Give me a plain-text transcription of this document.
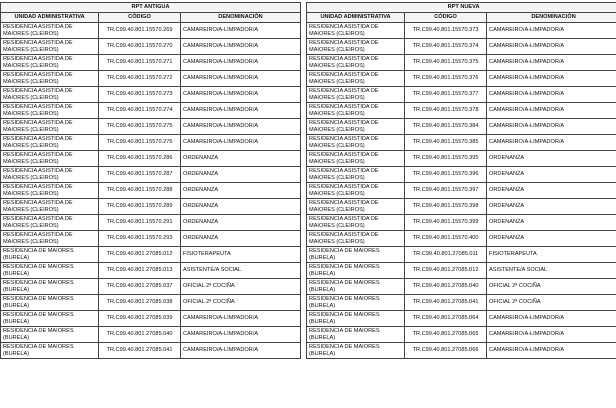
RPT ANTIGUA				RPT NUEVA		
UNIDAD ADMINISTRATIVA	CÓDIGO	DENOMINACIÓN		UNIDAD ADMINISTRATIVA	CÓDIGO	DENOMINACIÓN
RESIDENCIA ASISTIDA DE MAIORES (CLEIROS)	TR.C99.40.801.15570.269	CAMAREIRO/A-LIMPADOR/A		RESIDENCIA ASISTIDA DE MAIORES (CLEIROS)	TR.C99.40.801.15570.373	CAMAREIRO/A-LIMPADOR/A
RESIDENCIA ASISTIDA DE MAIORES (CLEIROS)	TR.C99.40.801.15570.270	CAMAREIRO/A-LIMPADOR/A		RESIDENCIA ASISTIDA DE MAIORES (CLEIROS)	TR.C99.40.801.15570.374	CAMAREIRO/A-LIMPADOR/A
RESIDENCIA ASISTIDA DE MAIORES (CLEIROS)	TR.C99.40.801.15570.271	CAMAREIRO/A-LIMPADOR/A		RESIDENCIA ASISTIDA DE MAIORES (CLEIROS)	TR.C99.40.801.15570.375	CAMAREIRO/A-LIMPADOR/A
RESIDENCIA ASISTIDA DE MAIORES (CLEIROS)	TR.C99.40.801.15570.272	CAMAREIRO/A-LIMPADOR/A		RESIDENCIA ASISTIDA DE MAIORES (CLEIROS)	TR.C99.40.801.15570.376	CAMAREIRO/A-LIMPADOR/A
RESIDENCIA ASISTIDA DE MAIORES (CLEIROS)	TR.C99.40.801.15570.273	CAMAREIRO/A-LIMPADOR/A		RESIDENCIA ASISTIDA DE MAIORES (CLEIROS)	TR.C99.40.801.15570.377	CAMAREIRO/A-LIMPADOR/A
RESIDENCIA ASISTIDA DE MAIORES (CLEIROS)	TR.C99.40.801.15570.274	CAMAREIRO/A-LIMPADOR/A		RESIDENCIA ASISTIDA DE MAIORES (CLEIROS)	TR.C99.40.801.15570.378	CAMAREIRO/A-LIMPADOR/A
RESIDENCIA ASISTIDA DE MAIORES (CLEIROS)	TR.C99.40.801.15570.275	CAMAREIRO/A-LIMPADOR/A		RESIDENCIA ASISTIDA DE MAIORES (CLEIROS)	TR.C99.40.801.15570.384	CAMAREIRO/A-LIMPADOR/A
RESIDENCIA ASISTIDA DE MAIORES (CLEIROS)	TR.C99.40.801.15570.276	CAMAREIRO/A-LIMPADOR/A		RESIDENCIA ASISTIDA DE MAIORES (CLEIROS)	TR.C99.40.801.15570.385	CAMAREIRO/A-LIMPADOR/A
RESIDENCIA ASISTIDA DE MAIORES (CLEIROS)	TR.C99.40.801.15570.286	ORDENANZA		RESIDENCIA ASISTIDA DE MAIORES (CLEIROS)	TR.C99.40.801.15570.395	ORDENANZA
RESIDENCIA ASISTIDA DE MAIORES (CLEIROS)	TR.C99.40.801.15570.287	ORDENANZA		RESIDENCIA ASISTIDA DE MAIORES (CLEIROS)	TR.C99.40.801.15570.396	ORDENANZA
RESIDENCIA ASISTIDA DE MAIORES (CLEIROS)	TR.C99.40.801.15570.288	ORDENANZA		RESIDENCIA ASISTIDA DE MAIORES (CLEIROS)	TR.C99.40.801.15570.397	ORDENANZA
RESIDENCIA ASISTIDA DE MAIORES (CLEIROS)	TR.C99.40.801.15570.289	ORDENANZA		RESIDENCIA ASISTIDA DE MAIORES (CLEIROS)	TR.C99.40.801.15570.398	ORDENANZA
RESIDENCIA ASISTIDA DE MAIORES (CLEIROS)	TR.C99.40.801.15570.291	ORDENANZA		RESIDENCIA ASISTIDA DE MAIORES (CLEIROS)	TR.C99.40.801.15570.399	ORDENANZA
RESIDENCIA ASISTIDA DE MAIORES (CLEIROS)	TR.C99.40.801.15570.293	ORDENANZA		RESIDENCIA ASISTIDA DE MAIORES (CLEIROS)	TR.C99.40.801.15570.400	ORDENANZA
RESIDENCIA DE MAIORES (BURELA)	TR.C99.40.801.27085.012	FISIOTERAPEUTA		RESIDENCIA DE MAIORES (BURELA)	TR.C99.40.801.27085.011	FISIOTERAPEUTA
RESIDENCIA DE MAIORES (BURELA)	TR.C99.40.801.27085.013	ASISTENTE/A SOCIAL		RESIDENCIA DE MAIORES (BURELA)	TR.C99.40.801.27085.012	ASISTENTE/A SOCIAL
RESIDENCIA DE MAIORES (BURELA)	TR.C99.40.801.27085.037	OFICIAL 2ª COCIÑA		RESIDENCIA DE MAIORES (BURELA)	TR.C99.40.801.27085.040	OFICIAL 2ª COCIÑA
RESIDENCIA DE MAIORES (BURELA)	TR.C99.40.801.27085.038	OFICIAL 2ª COCIÑA		RESIDENCIA DE MAIORES (BURELA)	TR.C99.40.801.27085.041	OFICIAL 2ª COCIÑA
RESIDENCIA DE MAIORES (BURELA)	TR.C99.40.801.27085.039	CAMAREIRO/A-LIMPADOR/A		RESIDENCIA DE MAIORES (BURELA)	TR.C99.40.801.27085.064	CAMAREIRO/A-LIMPADOR/A
RESIDENCIA DE MAIORES (BURELA)	TR.C99.40.801.27085.040	CAMAREIRO/A-LIMPADOR/A		RESIDENCIA DE MAIORES (BURELA)	TR.C99.40.801.27085.065	CAMAREIRO/A-LIMPADOR/A
RESIDENCIA DE MAIORES (BURELA)	TR.C99.40.801.27085.041	CAMAREIRO/A-LIMPADOR/A		RESIDENCIA DE MAIORES (BURELA)	TR.C99.40.801.27085.066	CAMAREIRO/A-LIMPADOR/A
